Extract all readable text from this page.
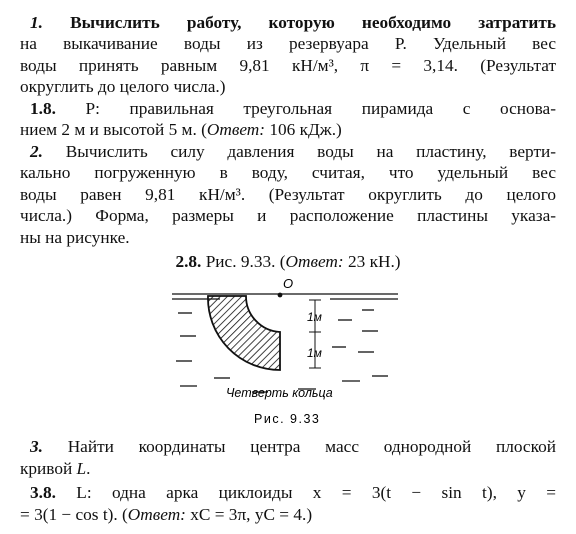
1. Вычислить работу, которую необходимо затратить
на выкачивание воды из резервуара P. Удельный вес
воды принять равным 9,81 кН/м³, π = 3,14. (Результат
округлить до целого числа.)
1.8. P: правильная треугольная пирамида с основа-
нием 2 м и высотой 5 м. (Ответ: 106 кДж.)
2. Вычислить силу давления воды на пластину, верти-
кально погруженную в воду, считая, что удельный вес
воды равен 9,81 кН/м³. (Результат округлить до целого
числа.) Форма, размеры и расположение пластины указа-
ны на рисунке.
2.8. Рис. 9.33. (Ответ: 23 кН.)
O
1м
1м
Четверть кольца
Рис. 9.33
3. Найти координаты центра масс однородной плоской
кривой L.
3.8. L: одна арка циклоиды x = 3(t − sin t), y =
= 3(1 − cos t). (Ответ: xC = 3π, yC = 4.)
